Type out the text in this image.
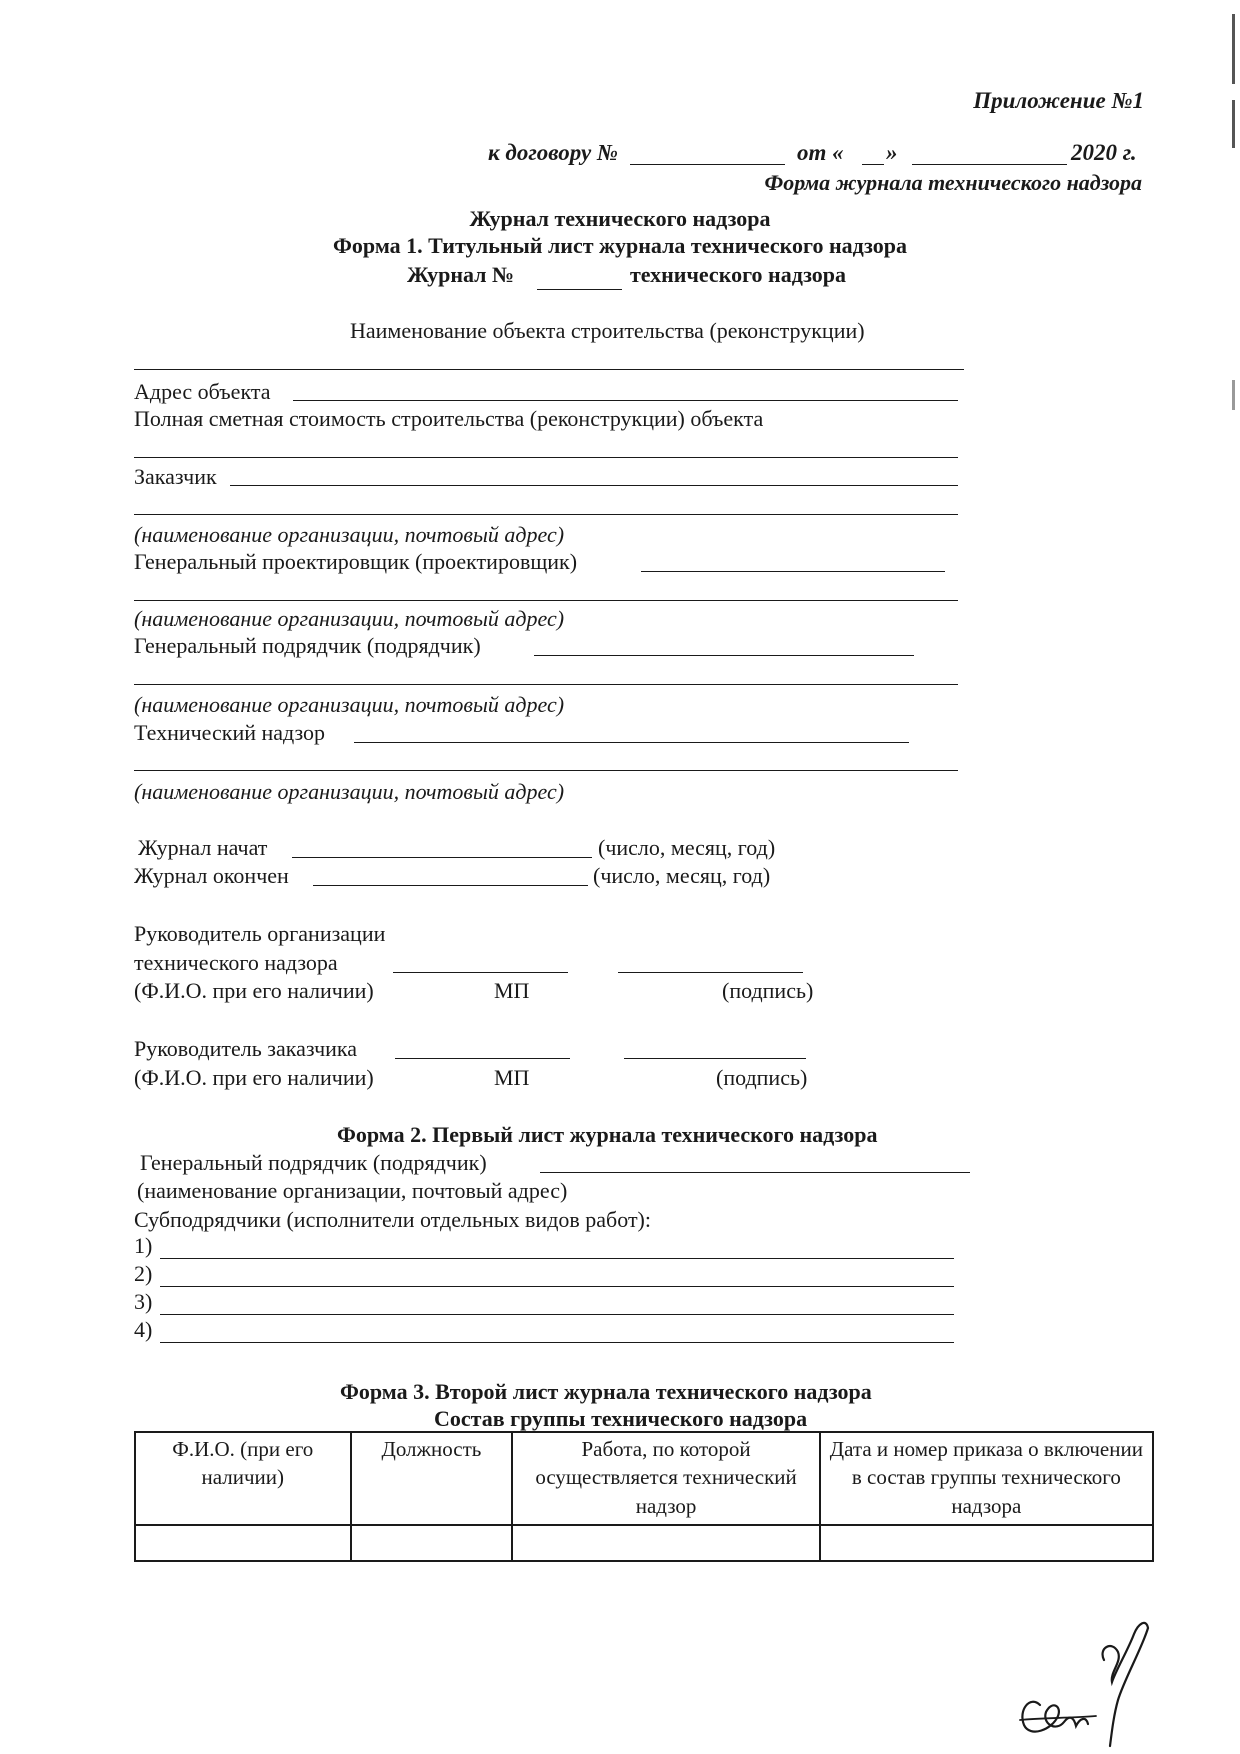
Приложение №1
к договору №	от « »	2020 г.
Форма журнала технического надзора
Журнал технического надзора
Форма 1. Титульный лист журнала технического надзора
Журнал №	технического надзора
Наименование объекта строительства (реконструкции)
Адрес объекта
Полная сметная стоимость строительства (реконструкции) объекта
Заказчик
(наименование организации, почтовый адрес)
Генеральный проектировщик (проектировщик)
(наименование организации, почтовый адрес)
Генеральный подрядчик (подрядчик)
(наименование организации, почтовый адрес)
Технический надзор
(наименование организации, почтовый адрес)
Журнал начат	(число, месяц, год)
Журнал окончен	(число, месяц, год)
Руководитель организации
технического надзора
(Ф.И.О. при его наличии)	МП	(подпись)
Руководитель заказчика
(Ф.И.О. при его наличии)	МП	(подпись)
Форма 2. Первый лист журнала технического надзора
Генеральный подрядчик (подрядчик)
(наименование организации, почтовый адрес)
Субподрядчики (исполнители отдельных видов работ):
1)
2)
3)
4)
Форма 3. Второй лист журнала технического надзора
Состав группы технического надзора
Ф.И.О. (при его наличии)	Должность	Работа, по которой осуществляется технический надзор	Дата и номер приказа о включении в состав группы технического надзора
